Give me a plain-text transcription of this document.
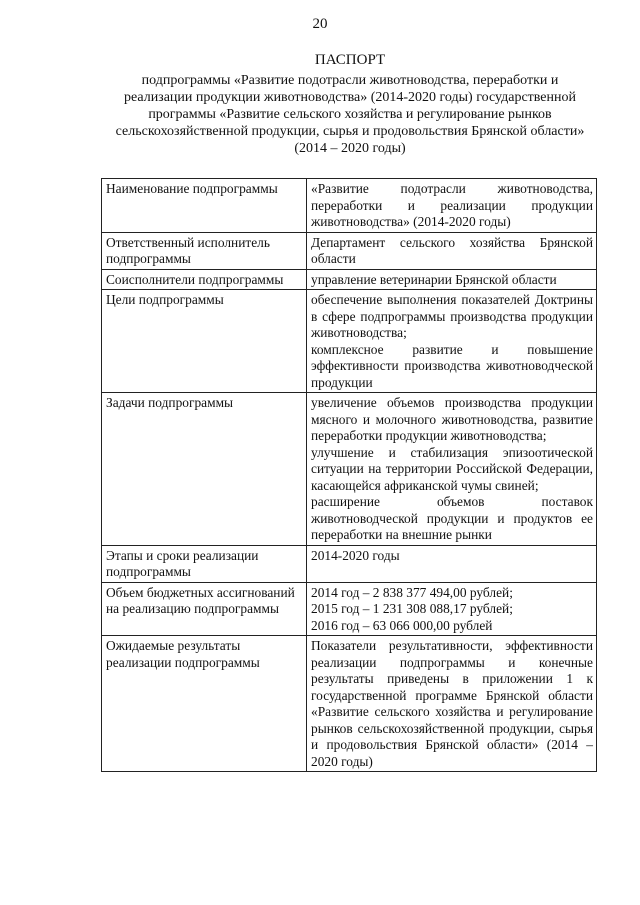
20
ПАСПОРТ
подпрограммы «Развитие подотрасли животноводства, переработки и
реализации продукции животноводства» (2014-2020 годы) государственной
программы «Развитие сельского хозяйства и регулирование рынков
сельскохозяйственной продукции, сырья и продовольствия Брянской области»
(2014 – 2020 годы)
Наименование подпрограммы	«Развитие подотрасли животноводства, переработки и реализации продукции животноводства» (2014-2020 годы)

Ответственный исполнитель подпрограммы	Департамент сельского хозяйства Брянской области

Соисполнители подпрограммы	управление ветеринарии Брянской области

Цели подпрограммы	обеспечение выполнения показателей Доктрины в сфере подпрограммы производства продукции животноводства;
комплексное развитие и повышение эффективности производства животноводческой продукции

Задачи подпрограммы	увеличение объемов производства продукции мясного и молочного животноводства, развитие переработки продукции животноводства;
улучшение и стабилизация эпизоотической ситуации на территории Российской Федерации, касающейся африканской чумы свиней;
расширение объемов поставок животноводческой продукции и продуктов ее переработки на внешние рынки

Этапы и сроки реализации подпрограммы	2014-2020 годы

Объем бюджетных ассигнований на реализацию подпрограммы	2014 год – 2 838 377 494,00 рублей;
2015 год – 1 231 308 088,17 рублей;
2016 год – 63 066 000,00 рублей

Ожидаемые результаты реализации подпрограммы	Показатели результативности, эффективности реализации подпрограммы и конечные результаты приведены в приложении 1 к государственной программе Брянской области «Развитие сельского хозяйства и регулирование рынков сельскохозяйственной продукции, сырья и продовольствия Брянской области» (2014 – 2020 годы)
